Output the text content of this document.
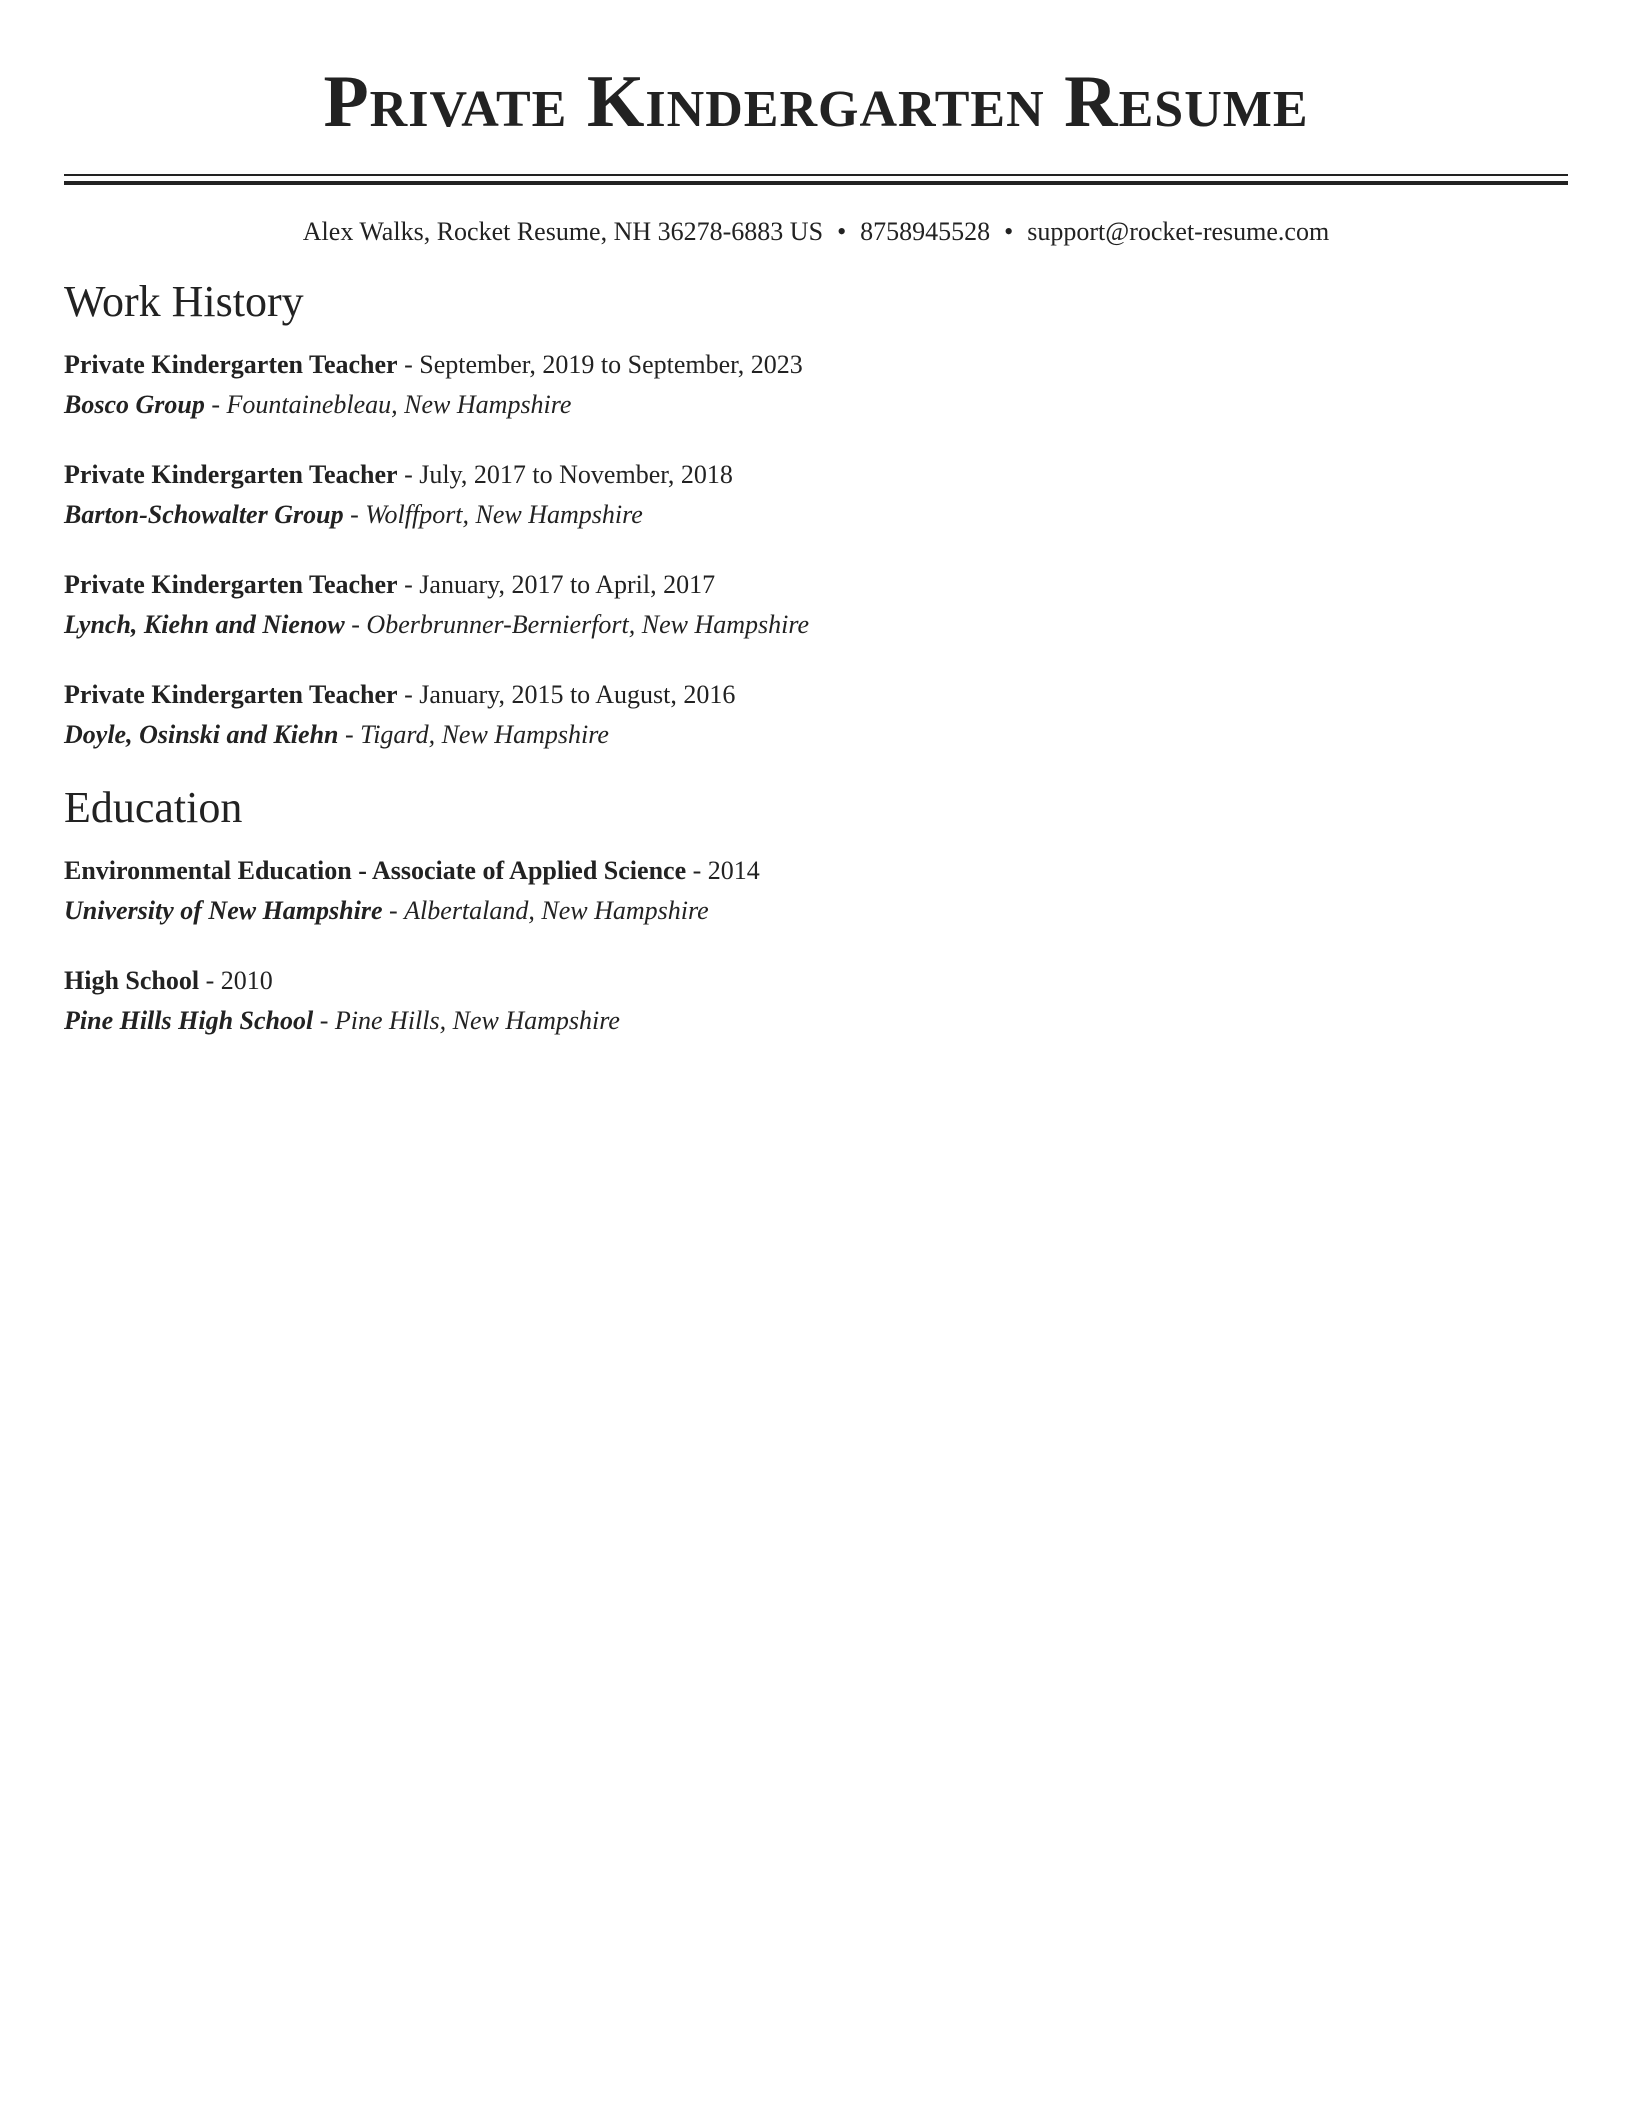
Private Kindergarten Resume
Alex Walks, Rocket Resume, NH 36278-6883 US • 8758945528 • support@rocket-resume.com
Work History
Private Kindergarten Teacher - September, 2019 to September, 2023
Bosco Group - Fountainebleau, New Hampshire
Private Kindergarten Teacher - July, 2017 to November, 2018
Barton-Schowalter Group - Wolffport, New Hampshire
Private Kindergarten Teacher - January, 2017 to April, 2017
Lynch, Kiehn and Nienow - Oberbrunner-Bernierfort, New Hampshire
Private Kindergarten Teacher - January, 2015 to August, 2016
Doyle, Osinski and Kiehn - Tigard, New Hampshire
Education
Environmental Education - Associate of Applied Science - 2014
University of New Hampshire - Albertaland, New Hampshire
High School - 2010
Pine Hills High School - Pine Hills, New Hampshire
